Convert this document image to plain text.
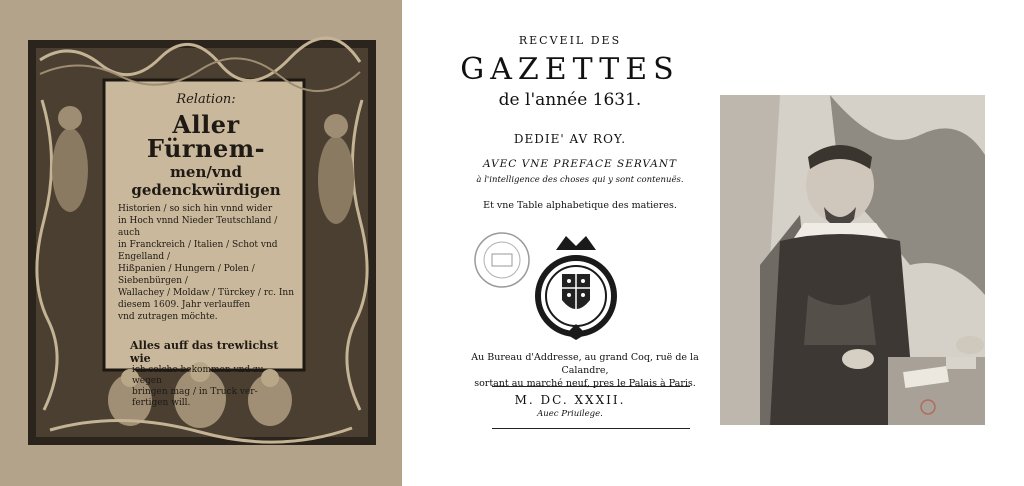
Relation:
Aller Fürnem-
men/vnd gedenckwürdigen
Historien / so sich hin vnnd wider
in Hoch vnnd Nieder Teutschland / auch
in Franckreich / Italien / Schot vnd Engelland /
Hißpanien / Hungern / Polen / Siebenbürgen /
Wallachey / Moldaw / Türckey / rc. Inn
diesem 1609. Jahr verlauffen
vnd zutragen möchte.
Alles auff das trewlichst wie
ich solche bekommen vnd zu wegen
bringen mag / in Truck ver-
fertigen will.
RECVEIL DES
GAZETTES
de l'année 1631.
DEDIE' AV ROY.
AVEC VNE PREFACE SERVANT
à l'intelligence des choses qui y sont contenuës.
Et vne Table alphabetique des matieres.
Au Bureau d'Addresse, au grand Coq, ruë de la Calandre,
sortant au marché neuf, pres le Palais à Paris.
M. DC. XXXII.
Auec Priuilege.
